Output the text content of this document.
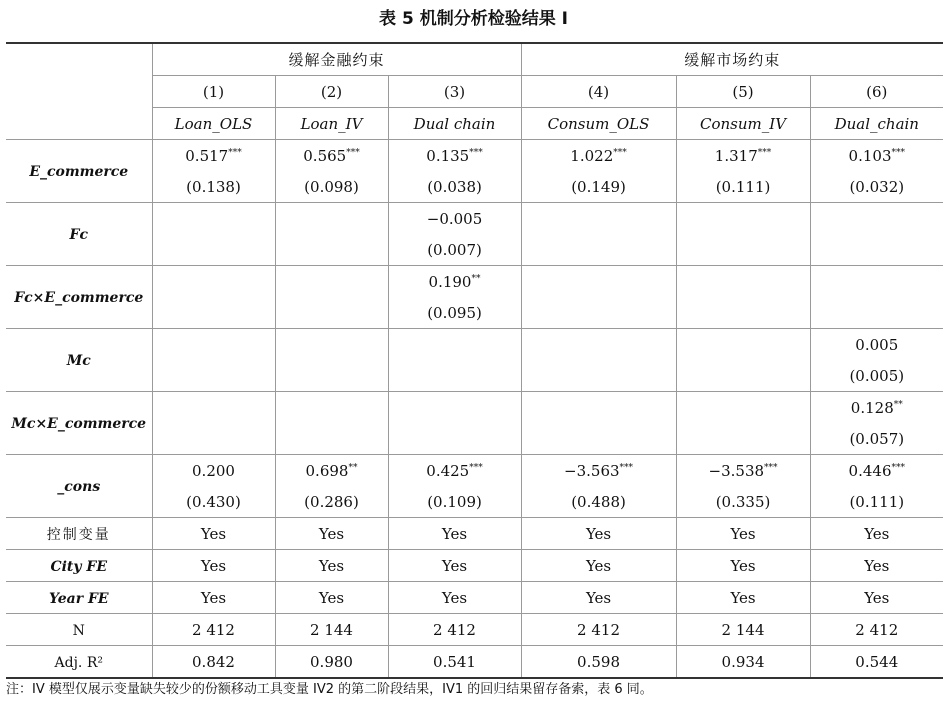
表 5 机制分析检验结果 Ⅰ
	缓解金融约束			缓解市场约束		
	(1)	(2)	(3)	(4)	(5)	(6)
	Loan_OLS	Loan_IV	Dual chain	Consum_OLS	Consum_IV	Dual_chain
E_commerce	0.517***	0.565***	0.135***	1.022***	1.317***	0.103***
	(0.138)	(0.098)	(0.038)	(0.149)	(0.111)	(0.032)
Fc			−0.005			
			(0.007)			
Fc×E_commerce			0.190**			
			(0.095)			
Mc						0.005
						(0.005)
Mc×E_commerce						0.128**
						(0.057)
_cons	0.200	0.698**	0.425***	−3.563***	−3.538***	0.446***
	(0.430)	(0.286)	(0.109)	(0.488)	(0.335)	(0.111)
控制变量	Yes	Yes	Yes	Yes	Yes	Yes
City FE	Yes	Yes	Yes	Yes	Yes	Yes
Year FE	Yes	Yes	Yes	Yes	Yes	Yes
N	2 412	2 144	2 412	2 412	2 144	2 412
Adj. R²	0.842	0.980	0.541	0.598	0.934	0.544
注：IV 模型仅展示变量缺失较少的份额移动工具变量 IV2 的第二阶段结果，IV1 的回归结果留存备索，表 6 同。
